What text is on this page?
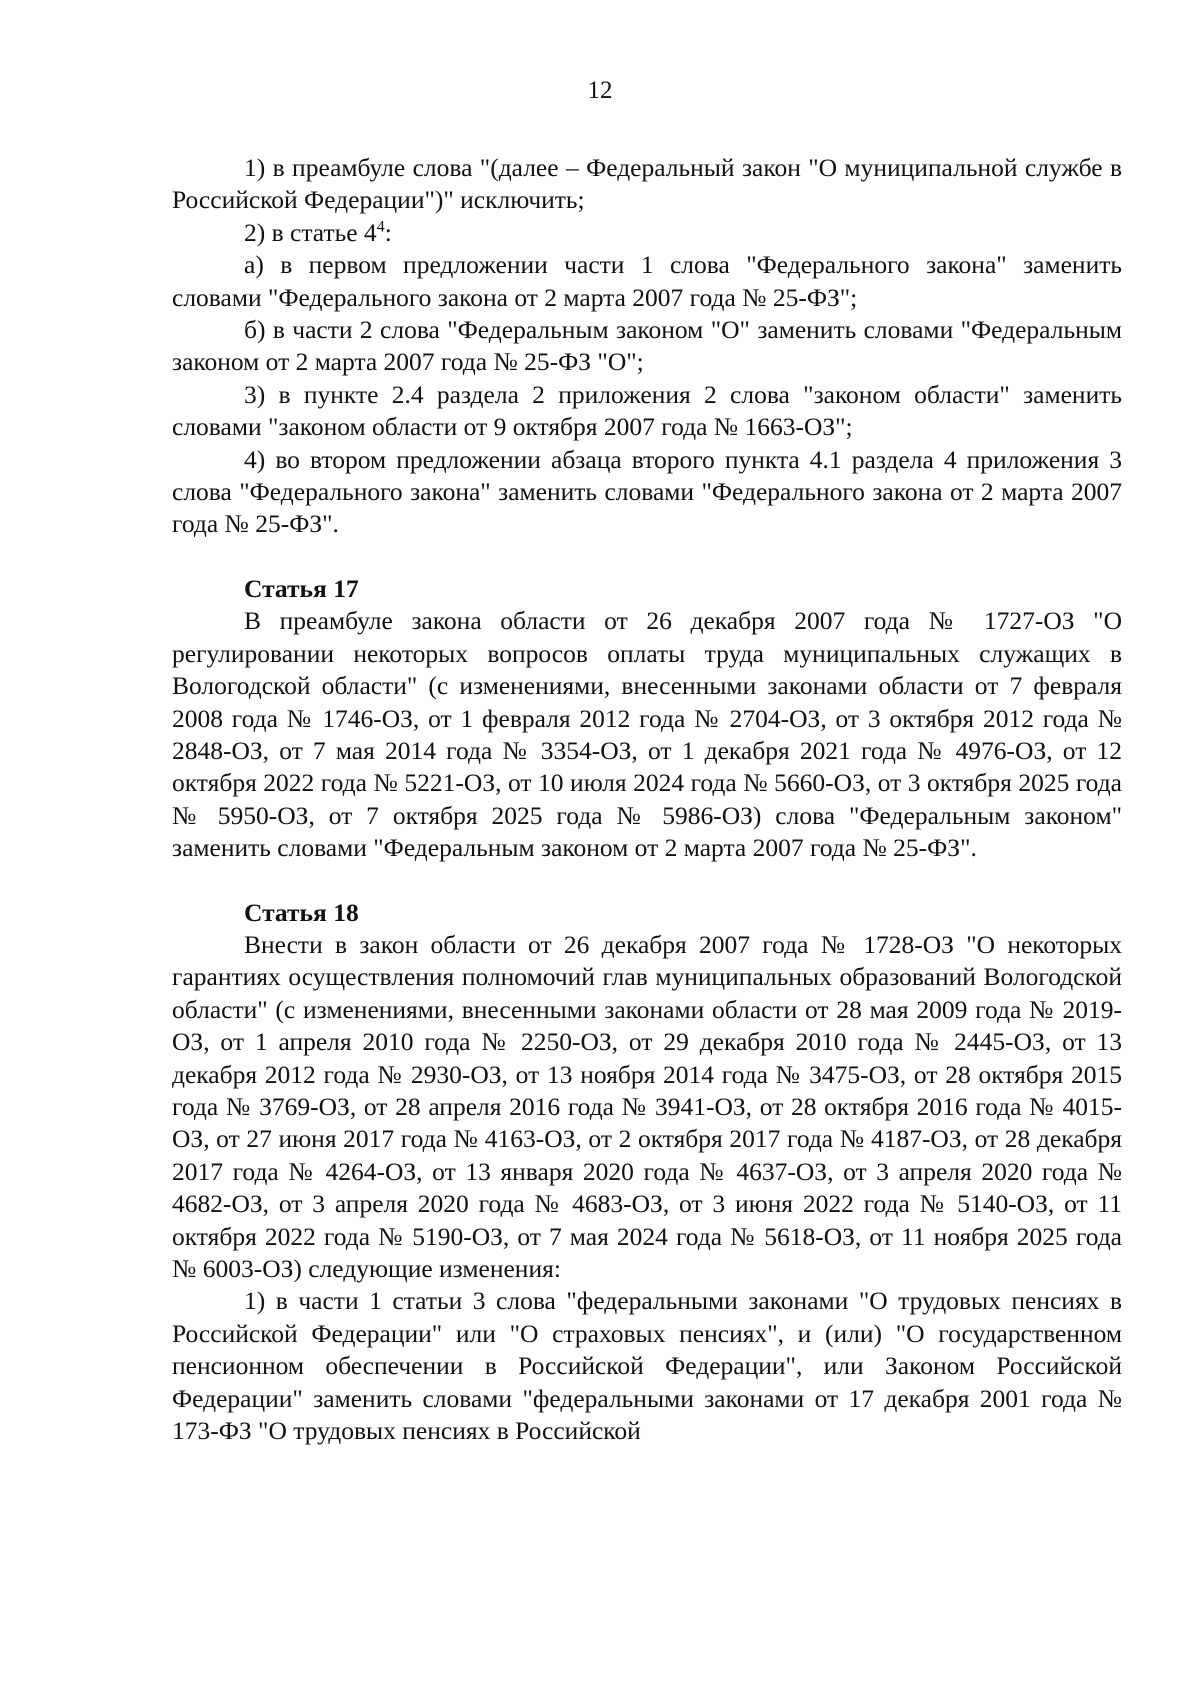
12

1) в преамбуле слова "(далее – Федеральный закон "О муниципальной службе в Российской Федерации")" исключить;

2) в статье $4^4$:

а) в первом предложении части 1 слова "Федерального закона" заменить словами "Федерального закона от 2 марта 2007 года № 25-ФЗ";

б) в части 2 слова "Федеральным законом "О" заменить словами "Федеральным законом от 2 марта 2007 года № 25-ФЗ "О";

3) в пункте 2.4 раздела 2 приложения 2 слова "законом области" заменить словами "законом области от 9 октября 2007 года № 1663-ОЗ";

4) во втором предложении абзаца второго пункта 4.1 раздела 4 приложения 3 слова "Федерального закона" заменить словами "Федерального закона от 2 марта 2007 года № 25-ФЗ".

Статья 17

В преамбуле закона области от 26 декабря 2007 года № 1727-ОЗ "О регулировании некоторых вопросов оплаты труда муниципальных служащих в Вологодской области" (с изменениями, внесенными законами области от 7 февраля 2008 года № 1746-ОЗ, от 1 февраля 2012 года № 2704-ОЗ, от 3 октября 2012 года № 2848-ОЗ, от 7 мая 2014 года № 3354-ОЗ, от 1 декабря 2021 года № 4976-ОЗ, от 12 октября 2022 года № 5221-ОЗ, от 10 июля 2024 года № 5660-ОЗ, от 3 октября 2025 года № 5950-ОЗ, от 7 октября 2025 года № 5986-ОЗ) слова "Федеральным законом" заменить словами "Федеральным законом от 2 марта 2007 года № 25-ФЗ".

Статья 18

Внести в закон области от 26 декабря 2007 года № 1728-ОЗ "О некоторых гарантиях осуществления полномочий глав муниципальных образований Вологодской области" (с изменениями, внесенными законами области от 28 мая 2009 года № 2019-ОЗ, от 1 апреля 2010 года № 2250-ОЗ, от 29 декабря 2010 года № 2445-ОЗ, от 13 декабря 2012 года № 2930-ОЗ, от 13 ноября 2014 года № 3475-ОЗ, от 28 октября 2015 года № 3769-ОЗ, от 28 апреля 2016 года № 3941-ОЗ, от 28 октября 2016 года № 4015-ОЗ, от 27 июня 2017 года № 4163-ОЗ, от 2 октября 2017 года № 4187-ОЗ, от 28 декабря 2017 года № 4264-ОЗ, от 13 января 2020 года № 4637-ОЗ, от 3 апреля 2020 года № 4682-ОЗ, от 3 апреля 2020 года № 4683-ОЗ, от 3 июня 2022 года № 5140-ОЗ, от 11 октября 2022 года № 5190-ОЗ, от 7 мая 2024 года № 5618-ОЗ, от 11 ноября 2025 года № 6003-ОЗ) следующие изменения:

1) в части 1 статьи 3 слова "федеральными законами "О трудовых пенсиях в Российской Федерации" или "О страховых пенсиях", и (или) "О государственном пенсионном обеспечении в Российской Федерации", или Законом Российской Федерации" заменить словами "федеральными законами от 17 декабря 2001 года № 173-ФЗ "О трудовых пенсиях в Российской
